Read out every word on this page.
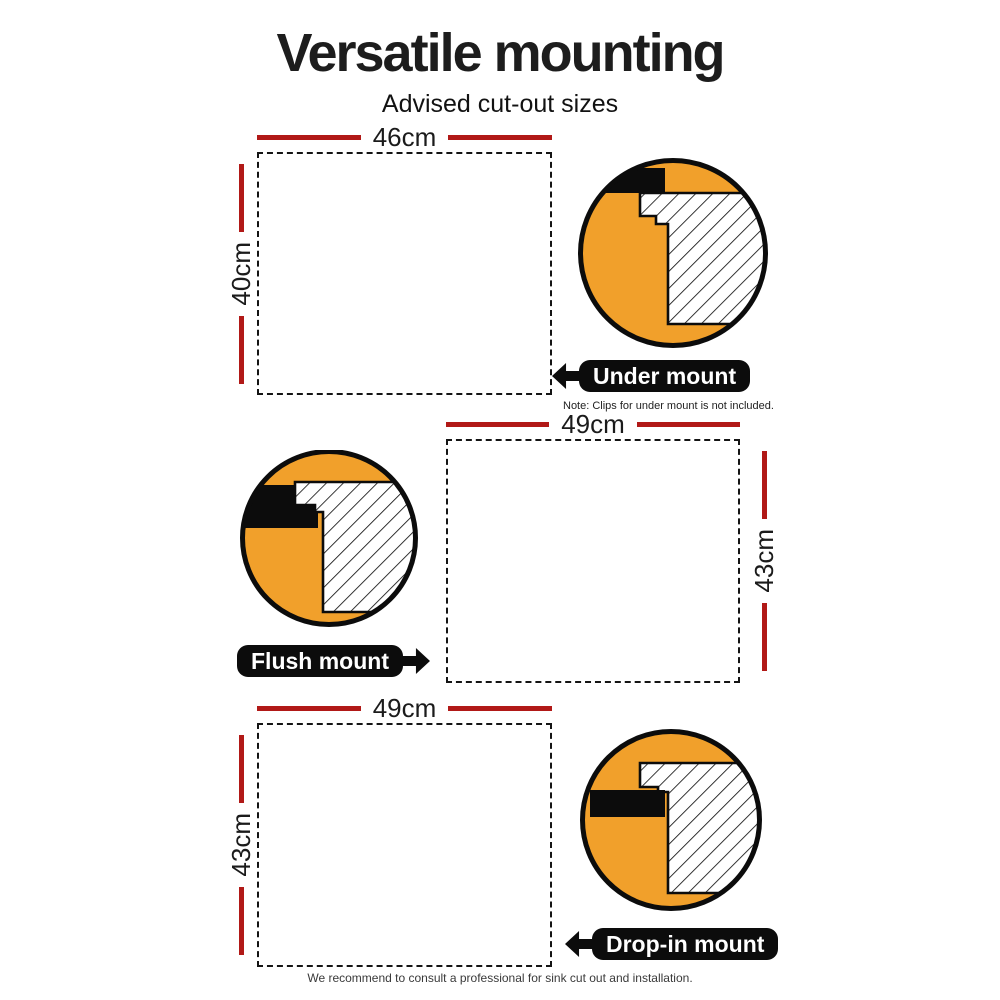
Versatile mounting
Advised cut-out sizes
46cm
40cm
Under mount
Note: Clips for under mount is not included.
49cm
43cm
Flush mount
49cm
43cm
Drop-in mount
We recommend to consult a professional for sink cut out and installation.
